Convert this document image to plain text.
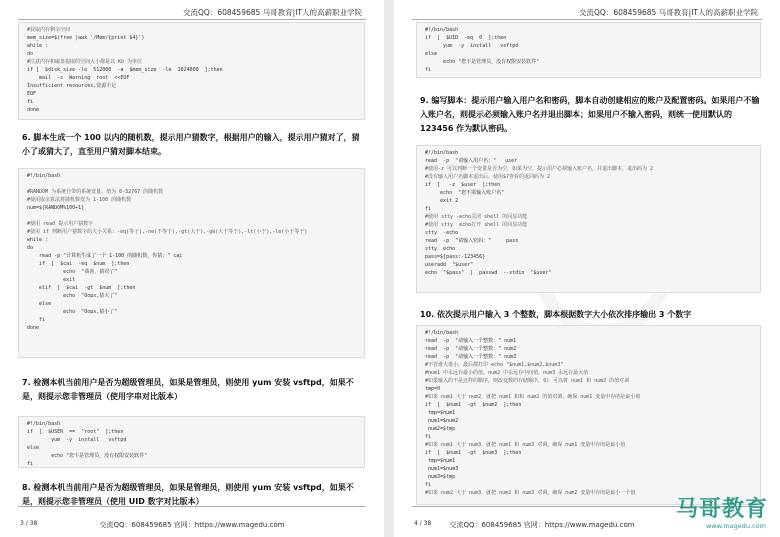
交流QQ：608459685 马哥教育|IT人的高薪职业学院
#获取内存剩余空间
mem_size=$(free |awk '/Mem/{print $4}')
while :
do
#注意内存和磁盘提取的空间大小都是以 Kb 为单位
if [  $disk_size -le  512000  -a  $mem_size  -le  1024000  ];then
mail  -s  Warning  root  <<EOF
Insufficient resources,资源不足
EOF
fi
done
6. 脚本生成一个 100 以内的随机数，提示用户猜数字，根据用户的输入，提示用户猜对了，猜小了或猜大了，直至用户猜对脚本结束。
#!/bin/bash
#RANDOM 为系统自带的系统变量，值为 0-32767 的随机数
#使用取余算法将随机数变为 1-100 的随机数
num=$[RANDOM%100+1]
#使用 read 提示用户猜数字
#使用 if 判断用户猜数字的大小关系：-eq(等于),-ne(不等于),-gt(大于),-ge(大于等于),-lt(小于),-le(小于等于)
while :
do
read -p "计算机生成了一个 1-100 的随机数，你猜：" cai
if  [  $cai  -eq  $num  ];then
echo  "恭喜，猜对了"
exit
elif  [  $cai  -gt  $num  ];then
echo  "Oops,猜大了"
else
echo  "Oops,猜小了"
fi
done
7. 检测本机当前用户是否为超级管理员，如果是管理员，则使用 yum 安装 vsftpd，如果不是，则提示您非管理员（使用字串对比版本）
#!/bin/bash
if  [  $USER  ==  "root"  ];then
yum  -y  install   vsftpd
else
echo "您不是管理员，没有权限安装软件"
fi
8. 检测本机当前用户是否为超级管理员，如果是管理员，则使用 yum 安装 vsftpd，如果不是，则提示您非管理员（使用 UID 数字对比版本）
3 / 38	交流QQ：608459685 官网：https://www.magedu.com
交流QQ：608459685 马哥教育|IT人的高薪职业学院
#!/bin/bash
if  [  $UID  -eq  0  ];then
yum  -y  install   vsftpd
else
echo "您不是管理员，没有权限安装软件"
fi
9. 编写脚本：提示用户输入用户名和密码，脚本自动创建相应的账户及配置密码。如果用户不输入账户名，则提示必须输入账户名并退出脚本；如果用户不输入密码，则统一使用默认的 123456 作为默认密码。
#!/bin/bash
read  -p  "请输入用户名："   user
#使用-z 可以判断一个变量是否为空，如果为空，提示用户必须输入账户名，并退出脚本，退出码为 2
#没有输入用户名脚本退出后，使用$?查看的返回码为 2
if  [   -z  $user  ];then
echo  "您不需输入账户名"
exit 2
fi
#使用 stty -echo关闭 shell 的回显功能
#使用 stty  echo打开 shell 的回显功能
stty  -echo
read  -p  "请输入密码："     pass
stty  echo
pass=${pass:-123456}
useradd  "$user"
echo  "$pass"  |  passwd  --stdin  "$user"
10. 依次提示用户输入 3 个整数，脚本根据数字大小依次排序输出 3 个数字
#!/bin/bash
read  -p  "请输入一个整数：" num1
read  -p  "请输入一个整数：" num2
read  -p  "请输入一个整数：" num3
#不管谁大谁小，最后都打印 echo "$num1,$num2,$num3"
#num1 中永远存最小的值，num2 中永远存中间值，num3 永远存最大值
#如果输入的不是这样的顺序，则改变数的存储顺序，如：可以将 num1 和 num2 的值对调
tmp=0
#如果 num1 大于 num2，就把 num1 和和 num2 的值对调，确保 num1 变量中存的是最小值
if  [  $num1  -gt  $num2  ];then
tmp=$num1
num1=$num2
num2=$tmp
fi
#如果 num1 大于 num3，就把 num1 和 num3 对调，确保 num1 变量中存的是最小值
if  [  $num1  -gt  $num3  ];then
tmp=$num1
num1=$num3
num3=$tmp
fi
#如果 num2 大于 num3，就把 num2 和 num3 对调，确保 num2 变量中存的是最小一个值
4 / 38	交流QQ：608459685 官网：https://www.magedu.com
马哥教育
www.magedu.com
